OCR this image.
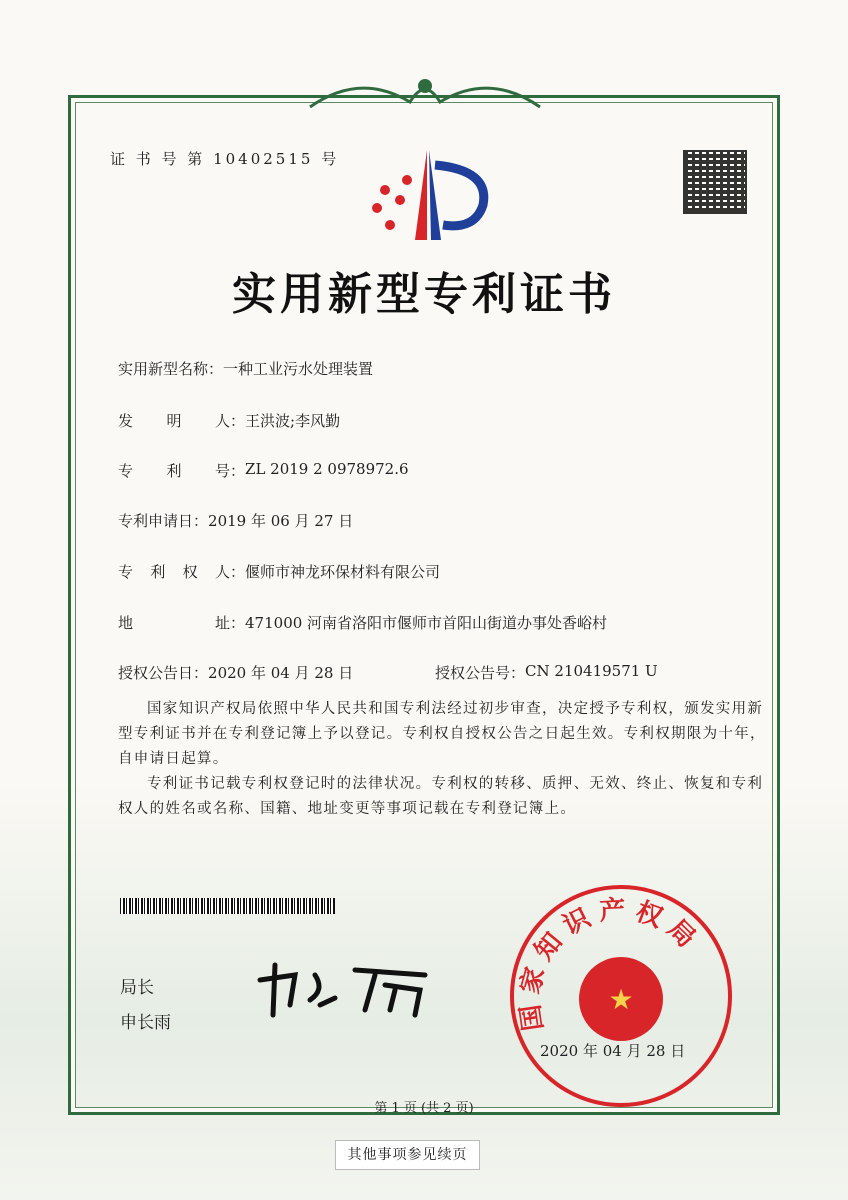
证 书 号 第 10402515 号
实用新型专利证书
实用新型名称 ： 一种工业污水处理装置
发明人 ： 王洪波;李风勤
专利号 ： ZL 2019 2 0978972.6
专利申请日 ： 2019 年 06 月 27 日
专利权人 ： 偃师市神龙环保材料有限公司
地址 ： 471000 河南省洛阳市偃师市首阳山街道办事处香峪村
授权公告日 ： 2020 年 04 月 28 日	授权公告号 ： CN 210419571 U
国家知识产权局依照中华人民共和国专利法经过初步审查，决定授予专利权，颁发实用新型专利证书并在专利登记簿上予以登记。专利权自授权公告之日起生效。专利权期限为十年，自申请日起算。
专利证书记载专利权登记时的法律状况。专利权的转移、质押、无效、终止、恢复和专利权人的姓名或名称、国籍、地址变更等事项记载在专利登记簿上。
局长
申长雨	国家知识产权局
★
2020 年 04 月 28 日
第 1 页 (共 2 页)
其他事项参见续页
